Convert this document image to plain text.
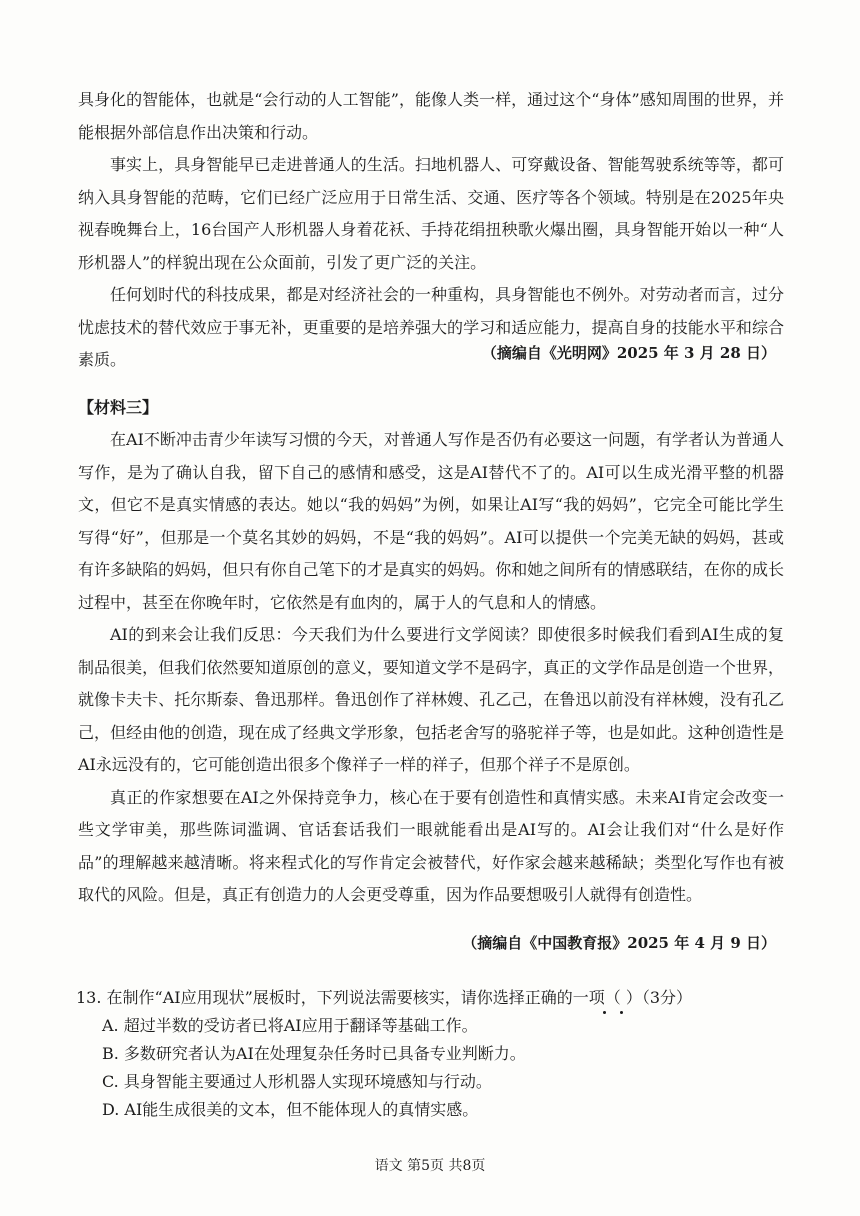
具身化的智能体，也就是“会行动的人工智能”，能像人类一样，通过这个“身体”感知周围的世界，并能根据外部信息作出决策和行动。

事实上，具身智能早已走进普通人的生活。扫地机器人、可穿戴设备、智能驾驶系统等等，都可纳入具身智能的范畴，它们已经广泛应用于日常生活、交通、医疗等各个领域。特别是在2025年央视春晚舞台上，16台国产人形机器人身着花袄、手持花绢扭秧歌火爆出圈，具身智能开始以一种“人形机器人”的样貌出现在公众面前，引发了更广泛的关注。

任何划时代的科技成果，都是对经济社会的一种重构，具身智能也不例外。对劳动者而言，过分忧虑技术的替代效应于事无补，更重要的是培养强大的学习和适应能力，提高自身的技能水平和综合素质。	（摘编自《光明网》2025 年 3 月 28 日）

【材料三】

在AI不断冲击青少年读写习惯的今天，对普通人写作是否仍有必要这一问题，有学者认为普通人写作，是为了确认自我，留下自己的感情和感受，这是AI替代不了的。AI可以生成光滑平整的机器文，但它不是真实情感的表达。她以“我的妈妈”为例，如果让AI写“我的妈妈”，它完全可能比学生写得“好”，但那是一个莫名其妙的妈妈，不是“我的妈妈”。AI可以提供一个完美无缺的妈妈，甚或有许多缺陷的妈妈，但只有你自己笔下的才是真实的妈妈。你和她之间所有的情感联结，在你的成长过程中，甚至在你晚年时，它依然是有血肉的，属于人的气息和人的情感。

AI的到来会让我们反思：今天我们为什么要进行文学阅读？即使很多时候我们看到AI生成的复制品很美，但我们依然要知道原创的意义，要知道文学不是码字，真正的文学作品是创造一个世界，就像卡夫卡、托尔斯泰、鲁迅那样。鲁迅创作了祥林嫂、孔乙己，在鲁迅以前没有祥林嫂，没有孔乙己，但经由他的创造，现在成了经典文学形象，包括老舍写的骆驼祥子等，也是如此。这种创造性是AI永远没有的，它可能创造出很多个像祥子一样的祥子，但那个祥子不是原创。

真正的作家想要在AI之外保持竞争力，核心在于要有创造性和真情实感。未来AI肯定会改变一些文学审美，那些陈词滥调、官话套话我们一眼就能看出是AI写的。AI会让我们对“什么是好作品”的理解越来越清晰。将来程式化的写作肯定会被替代，好作家会越来越稀缺；类型化写作也有被取代的风险。但是，真正有创造力的人会更受尊重，因为作品要想吸引人就得有创造性。

（摘编自《中国教育报》2025 年 4 月 9 日）

13. 在制作“AI应用现状”展板时，下列说法需要核实，请你选择正确的一项（ ）（3分）

A. 超过半数的受访者已将AI应用于翻译等基础工作。

B. 多数研究者认为AI在处理复杂任务时已具备专业判断力。

C. 具身智能主要通过人形机器人实现环境感知与行动。

D. AI能生成很美的文本，但不能体现人的真情实感。

语文 第5页 共8页
